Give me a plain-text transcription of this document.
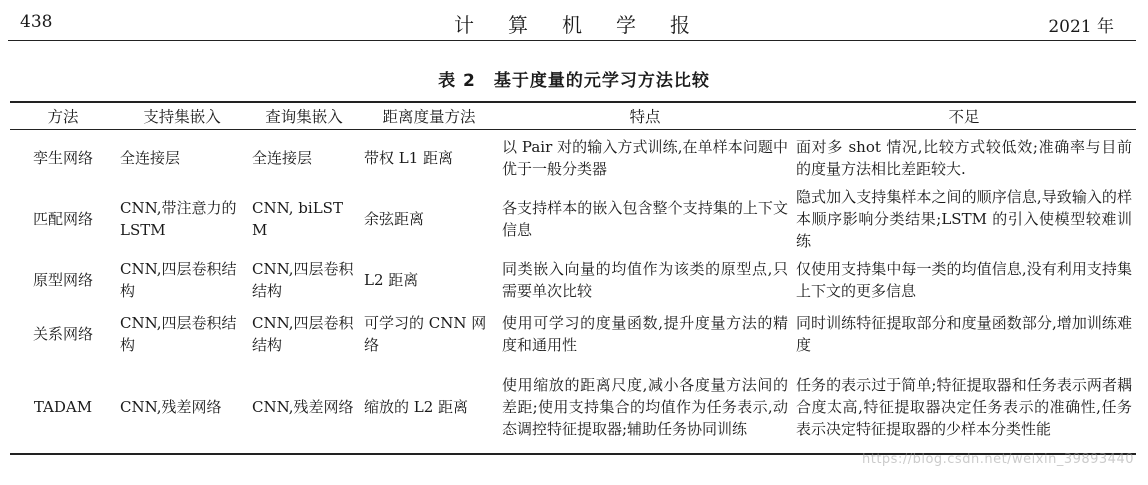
438	计算机学报	2021 年
表 2　基于度量的元学习方法比较
方法	支持集嵌入	查询集嵌入	距离度量方法	特点	不足
孪生网络	全连接层	全连接层	带权 L1 距离	以 Pair 对的输入方式训练,在单样本问题中优于一般分类器	面对多 shot 情况,比较方式较低效;准确率与目前的度量方法相比差距较大.
匹配网络	CNN,带注意力的 LSTM	CNN, biLSTM	余弦距离	各支持样本的嵌入包含整个支持集的上下文信息	隐式加入支持集样本之间的顺序信息,导致输入的样本顺序影响分类结果;LSTM 的引入使模型较难训练
原型网络	CNN,四层卷积结构	CNN,四层卷积结构	L2 距离	同类嵌入向量的均值作为该类的原型点,只需要单次比较	仅使用支持集中每一类的均值信息,没有利用支持集上下文的更多信息
关系网络	CNN,四层卷积结构	CNN,四层卷积结构	可学习的 CNN 网络	使用可学习的度量函数,提升度量方法的精度和通用性	同时训练特征提取部分和度量函数部分,增加训练难度
TADAM	CNN,残差网络	CNN,残差网络	缩放的 L2 距离	使用缩放的距离尺度,减小各度量方法间的差距;使用支持集合的均值作为任务表示,动态调控特征提取器;辅助任务协同训练	任务的表示过于简单;特征提取器和任务表示两者耦合度太高,特征提取器决定任务表示的准确性,任务表示决定特征提取器的少样本分类性能
https://blog.csdn.net/weixin_39893440
